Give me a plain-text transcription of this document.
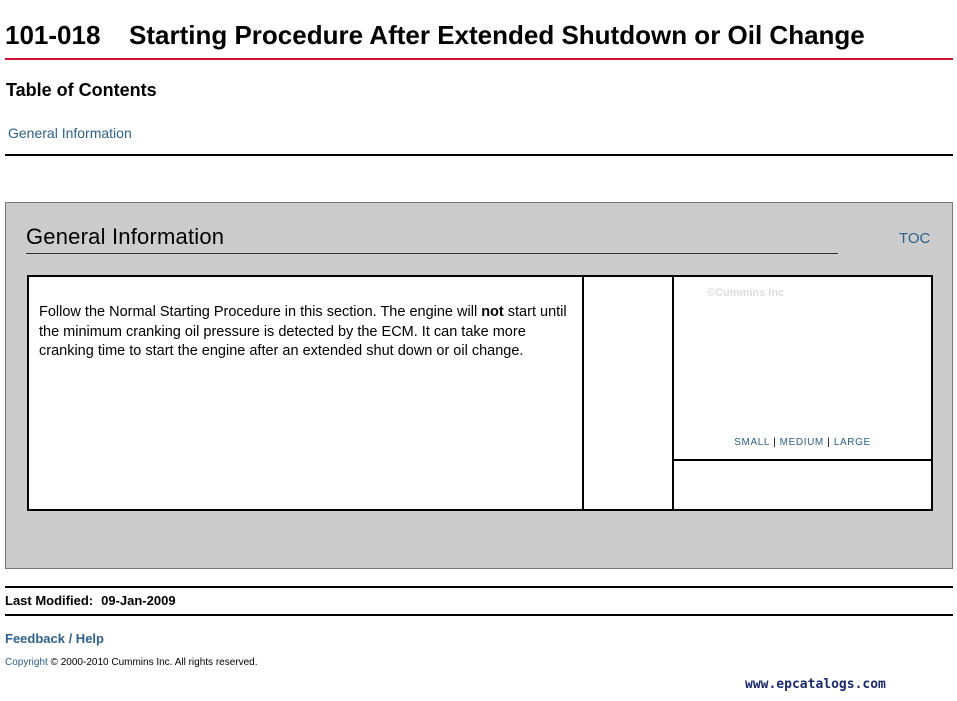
101-018 Starting Procedure After Extended Shutdown or Oil Change
Table of Contents
General Information
General Information	TOC
Follow the Normal Starting Procedure in this section. The engine will not start until the minimum cranking oil pressure is detected by the ECM. It can take more cranking time to start the engine after an extended shut down or oil change.
©Cummins Inc
SMALL | MEDIUM | LARGE
Last Modified: 09-Jan-2009
Feedback / Help
Copyright © 2000-2010 Cummins Inc. All rights reserved.
www.epcatalogs.com
